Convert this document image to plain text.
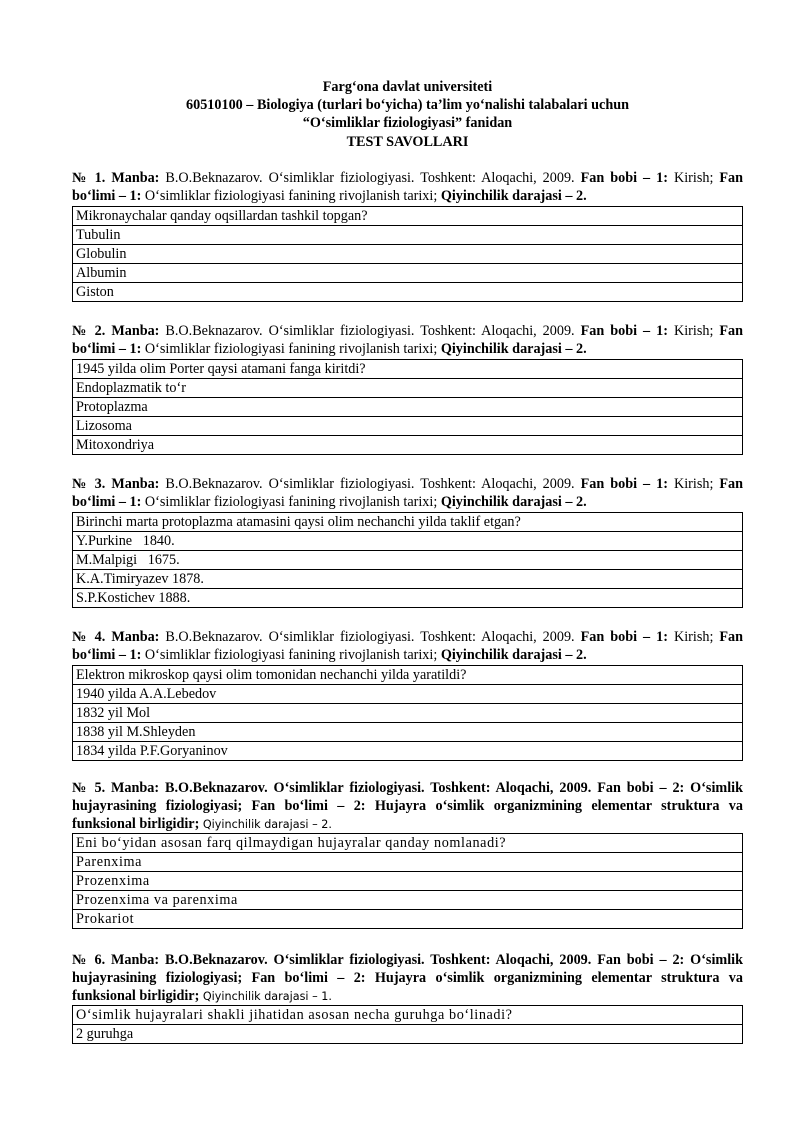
Farg‘ona davlat universiteti
60510100 – Biologiya (turlari bo‘yicha) ta’lim yo‘nalishi talabalari uchun
“O‘simliklar fiziologiyasi” fanidan
TEST SAVOLLARI
№ 1. Manba: B.O.Beknazarov. O‘simliklar fiziologiyasi. Toshkent: Aloqachi, 2009. Fan bobi – 1: Kirish; Fan bo‘limi – 1: O‘simliklar fiziologiyasi fanining rivojlanish tarixi; Qiyinchilik darajasi – 2.
Mikronaychalar qanday oqsillardan tashkil topgan?
Tubulin
Globulin
Albumin
Giston
№ 2. Manba: B.O.Beknazarov. O‘simliklar fiziologiyasi. Toshkent: Aloqachi, 2009. Fan bobi – 1: Kirish; Fan bo‘limi – 1: O‘simliklar fiziologiyasi fanining rivojlanish tarixi; Qiyinchilik darajasi – 2.
1945 yilda olim Porter qaysi atamani fanga kiritdi?
Endoplazmatik to‘r
Protoplazma
Lizosoma
Mitoxondriya
№ 3. Manba: B.O.Beknazarov. O‘simliklar fiziologiyasi. Toshkent: Aloqachi, 2009. Fan bobi – 1: Kirish; Fan bo‘limi – 1: O‘simliklar fiziologiyasi fanining rivojlanish tarixi; Qiyinchilik darajasi – 2.
Birinchi marta protoplazma atamasini qaysi olim nechanchi yilda taklif etgan?
Y.Purkine   1840.
M.Malpigi   1675.
K.A.Timiryazev 1878.
S.P.Kostichev 1888.
№ 4. Manba: B.O.Beknazarov. O‘simliklar fiziologiyasi. Toshkent: Aloqachi, 2009. Fan bobi – 1: Kirish; Fan bo‘limi – 1: O‘simliklar fiziologiyasi fanining rivojlanish tarixi; Qiyinchilik darajasi – 2.
Elektron mikroskop qaysi olim tomonidan nechanchi yilda yaratildi?
1940 yilda A.A.Lebedov
1832 yil Mol
1838 yil M.Shleyden
1834 yilda P.F.Goryaninov
№ 5. Manba: B.O.Beknazarov. O‘simliklar fiziologiyasi. Toshkent: Aloqachi, 2009. Fan bobi – 2: O‘simlik hujayrasining fiziologiyasi; Fan bo‘limi – 2: Hujayra o‘simlik organizmining elementar struktura va funksional birligidir; Qiyinchilik darajasi – 2.
Eni bo‘yidan asosan farq qilmaydigan hujayralar qanday nomlanadi?
Parenxima
Prozenxima
Prozenxima va parenxima
Prokariot
№ 6. Manba: B.O.Beknazarov. O‘simliklar fiziologiyasi. Toshkent: Aloqachi, 2009. Fan bobi – 2: O‘simlik hujayrasining fiziologiyasi; Fan bo‘limi – 2: Hujayra o‘simlik organizmining elementar struktura va funksional birligidir; Qiyinchilik darajasi – 1.
O‘simlik hujayralari shakli jihatidan asosan necha guruhga bo‘linadi?
2 guruhga
